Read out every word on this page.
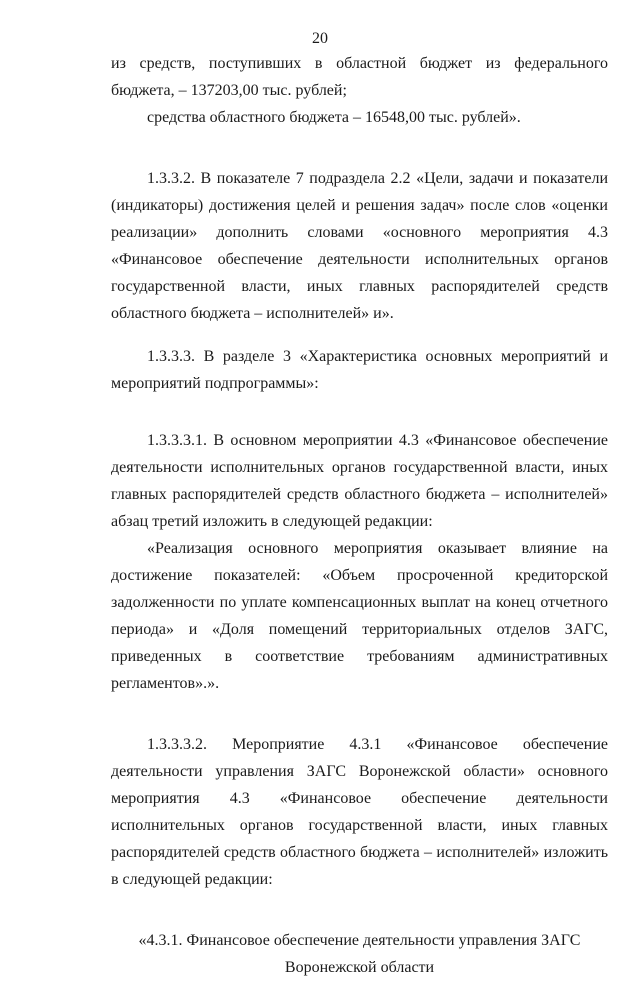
20

из средств, поступивших в областной бюджет из федерального бюджета, – 137203,00 тыс. рублей;

средства областного бюджета – 16548,00 тыс. рублей».

1.3.3.2. В показателе 7 подраздела 2.2 «Цели, задачи и показатели (индикаторы) достижения целей и решения задач» после слов «оценки реализации» дополнить словами «основного мероприятия 4.3 «Финансовое обеспечение деятельности исполнительных органов государственной власти, иных главных распорядителей средств областного бюджета – исполнителей» и».

1.3.3.3. В разделе 3 «Характеристика основных мероприятий и мероприятий подпрограммы»:

1.3.3.3.1. В основном мероприятии 4.3 «Финансовое обеспечение деятельности исполнительных органов государственной власти, иных главных распорядителей средств областного бюджета – исполнителей» абзац третий изложить в следующей редакции:

«Реализация основного мероприятия оказывает влияние на достижение показателей: «Объем просроченной кредиторской задолженности по уплате компенсационных выплат на конец отчетного периода» и «Доля помещений территориальных отделов ЗАГС, приведенных в соответствие требованиям административных регламентов».».

1.3.3.3.2. Мероприятие 4.3.1 «Финансовое обеспечение деятельности управления ЗАГС Воронежской области» основного мероприятия 4.3 «Финансовое обеспечение деятельности исполнительных органов государственной власти, иных главных распорядителей средств областного бюджета – исполнителей» изложить в следующей редакции:

«4.3.1. Финансовое обеспечение деятельности управления ЗАГС

Воронежской области
